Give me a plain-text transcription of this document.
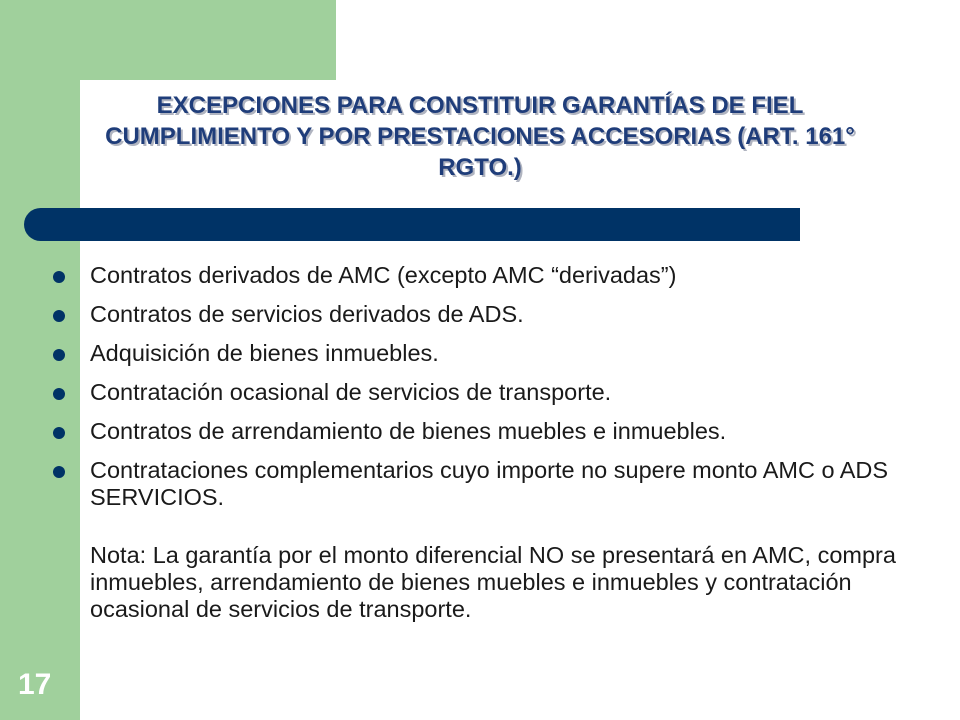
EXCEPCIONES PARA CONSTITUIR GARANTÍAS DE FIEL CUMPLIMIENTO Y POR PRESTACIONES ACCESORIAS (ART. 161° RGTO.)
Contratos derivados de AMC (excepto AMC “derivadas”)
Contratos de servicios derivados de ADS.
Adquisición de bienes inmuebles.
Contratación ocasional de servicios de transporte.
Contratos de arrendamiento de bienes muebles e inmuebles.
Contrataciones complementarios cuyo importe no supere monto AMC o ADS SERVICIOS.
Nota: La garantía por el monto diferencial NO se presentará en AMC, compra inmuebles, arrendamiento de bienes muebles e inmuebles y contratación ocasional de servicios de transporte.
17
